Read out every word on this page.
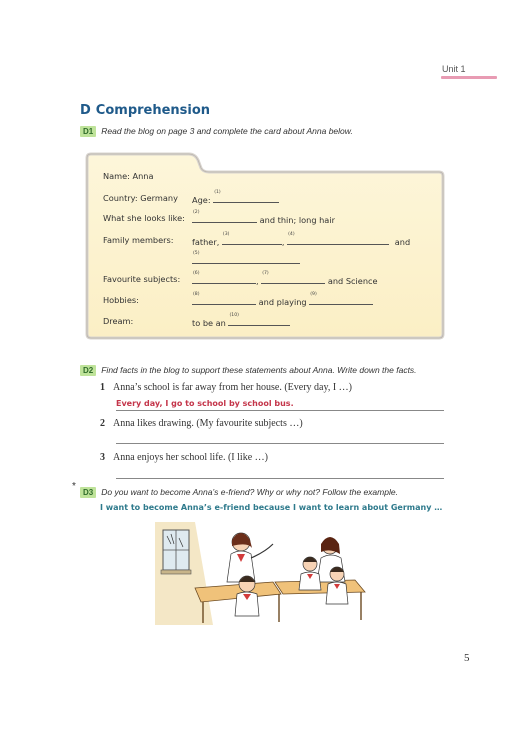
Unit 1
D Comprehension
D1 Read the blog on page 3 and complete the card about Anna below.
Name: Anna
Country: Germany Age:
(1)
What she looks like:
(2)
and thin; long hair
Family members: father,
(3)
,
(4)
and
(5)
Favourite subjects:
(6)
,
(7)
and Science
Hobbies:
(8)
and playing
(9)
Dream:	to be an
(10)
D2 Find facts in the blog to support these statements about Anna. Write down the facts.
1 Anna’s school is far away from her house. (Every day, I …)
Every day, I go to school by school bus.
2 Anna likes drawing. (My favourite subjects …)
3 Anna enjoys her school life. (I like …)
*
D3 Do you want to become Anna’s e-friend? Why or why not? Follow the example.
I want to become Anna’s e-friend because I want to learn about Germany …
5
